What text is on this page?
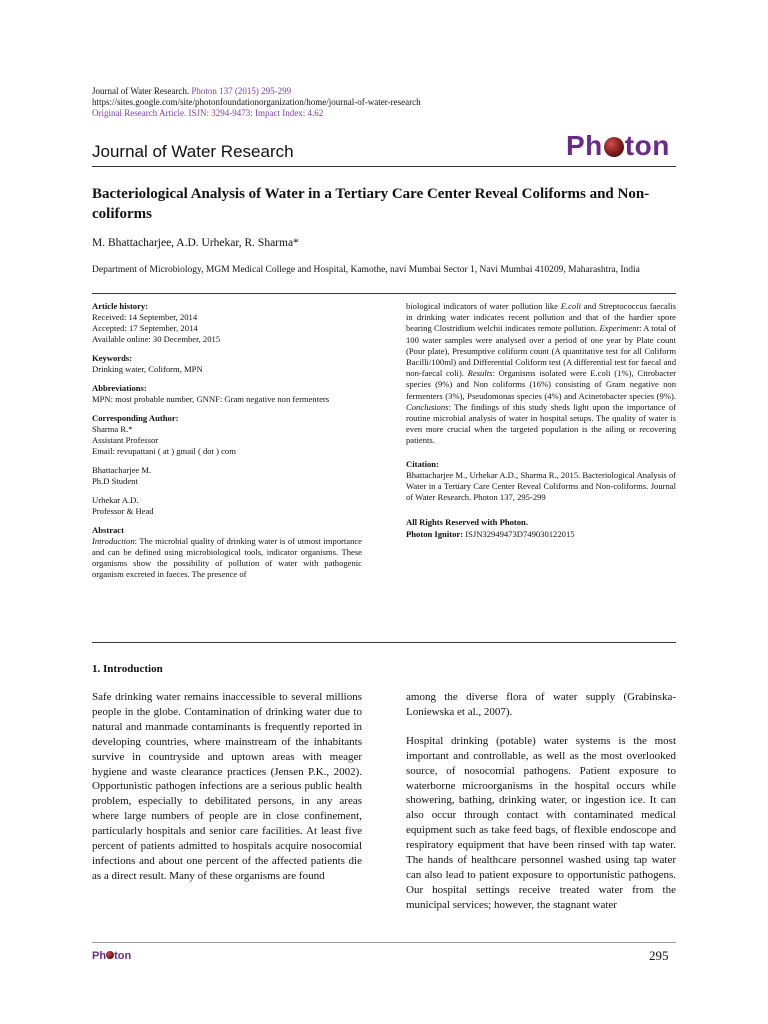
Journal of Water Research. Photon 137 (2015) 295-299
https://sites.google.com/site/photonfoundationorganization/home/journal-of-water-research
Original Research Article. ISJN: 3294-9473: Impact Index: 4.62
Journal of Water Research	Ph ton
Bacteriological Analysis of Water in a Tertiary Care Center Reveal Coliforms and Non-coliforms
M. Bhattacharjee, A.D. Urhekar, R. Sharma*
Department of Microbiology, MGM Medical College and Hospital, Kamothe, navi Mumbai Sector 1, Navi Mumbai 410209, Maharashtra, India
Article history:
Received: 14 September, 2014
Accepted: 17 September, 2014
Available online: 30 December, 2015
Keywords:
Drinking water, Coliform, MPN
Abbreviations:
MPN: most probable number, GNNF: Gram negative non fermenters
Corresponding Author:
Sharma R.*
Assistant Professor
Email: revupattani ( at ) gmail ( dot ) com
Bhattacharjee M.
Ph.D Student
Urhekar A.D.
Professor & Head
Abstract
Introduction: The microbial quality of drinking water is of utmost importance and can be defined using microbiological tools, indicator organisms. These organisms show the possibility of pollution of water with pathogenic organism excreted in faeces. The presence of
biological indicators of water pollution like E.coli and Streptococcus faecalis in drinking water indicates recent pollution and that of the hardier spore bearing Clostridium welchii indicates remote pollution. Experiment: A total of 100 water samples were analysed over a period of one year by Plate count (Pour plate), Presumptive coliform count (A quantitative test for all Coliform Bacilli/100ml) and Differential Coliform test (A differential test for faecal and non-faecal coli). Results: Organisms isolated were E.coli (1%), Citrobacter species (9%) and Non coliforms (16%) consisting of Gram negative non fermenters (3%), Pseudomonas species (4%) and Acinetobacter species (9%). Conclusions: The findings of this study sheds light upon the importance of routine microbial analysis of water in hospital setups. The quality of water is even more crucial when the targeted population is the ailing or recovering patients.
Citation:
Bhattacharjee M., Urhekar A.D., Sharma R., 2015. Bacteriological Analysis of Water in a Tertiary Care Center Reveal Coliforms and Non-coliforms. Journal of Water Research. Photon 137, 295-299
All Rights Reserved with Photon.
Photon Ignitor: ISJN32949473D749030122015
1. Introduction

Safe drinking water remains inaccessible to several millions people in the globe. Contamination of drinking water due to natural and manmade contaminants is frequently reported in developing countries, where mainstream of the inhabitants survive in countryside and uptown areas with meager hygiene and waste clearance practices (Jensen P.K., 2002). Opportunistic pathogen infections are a serious public health problem, especially to debilitated persons, in any areas where large numbers of people are in close confinement, particularly hospitals and senior care facilities. At least five percent of patients admitted to hospitals acquire nosocomial infections and about one percent of the affected patients die as a direct result. Many of these organisms are found

among the diverse flora of water supply (Grabinska-Loniewska et al., 2007).

Hospital drinking (potable) water systems is the most important and controllable, as well as the most overlooked source, of nosocomial pathogens. Patient exposure to waterborne microorganisms in the hospital occurs while showering, bathing, drinking water, or ingestion ice. It can also occur through contact with contaminated medical equipment such as take feed bags, of flexible endoscope and respiratory equipment that have been rinsed with tap water. The hands of healthcare personnel washed using tap water can also lead to patient exposure to opportunistic pathogens. Our hospital settings receive treated water from the municipal services; however, the stagnant water

Ph ton	295
